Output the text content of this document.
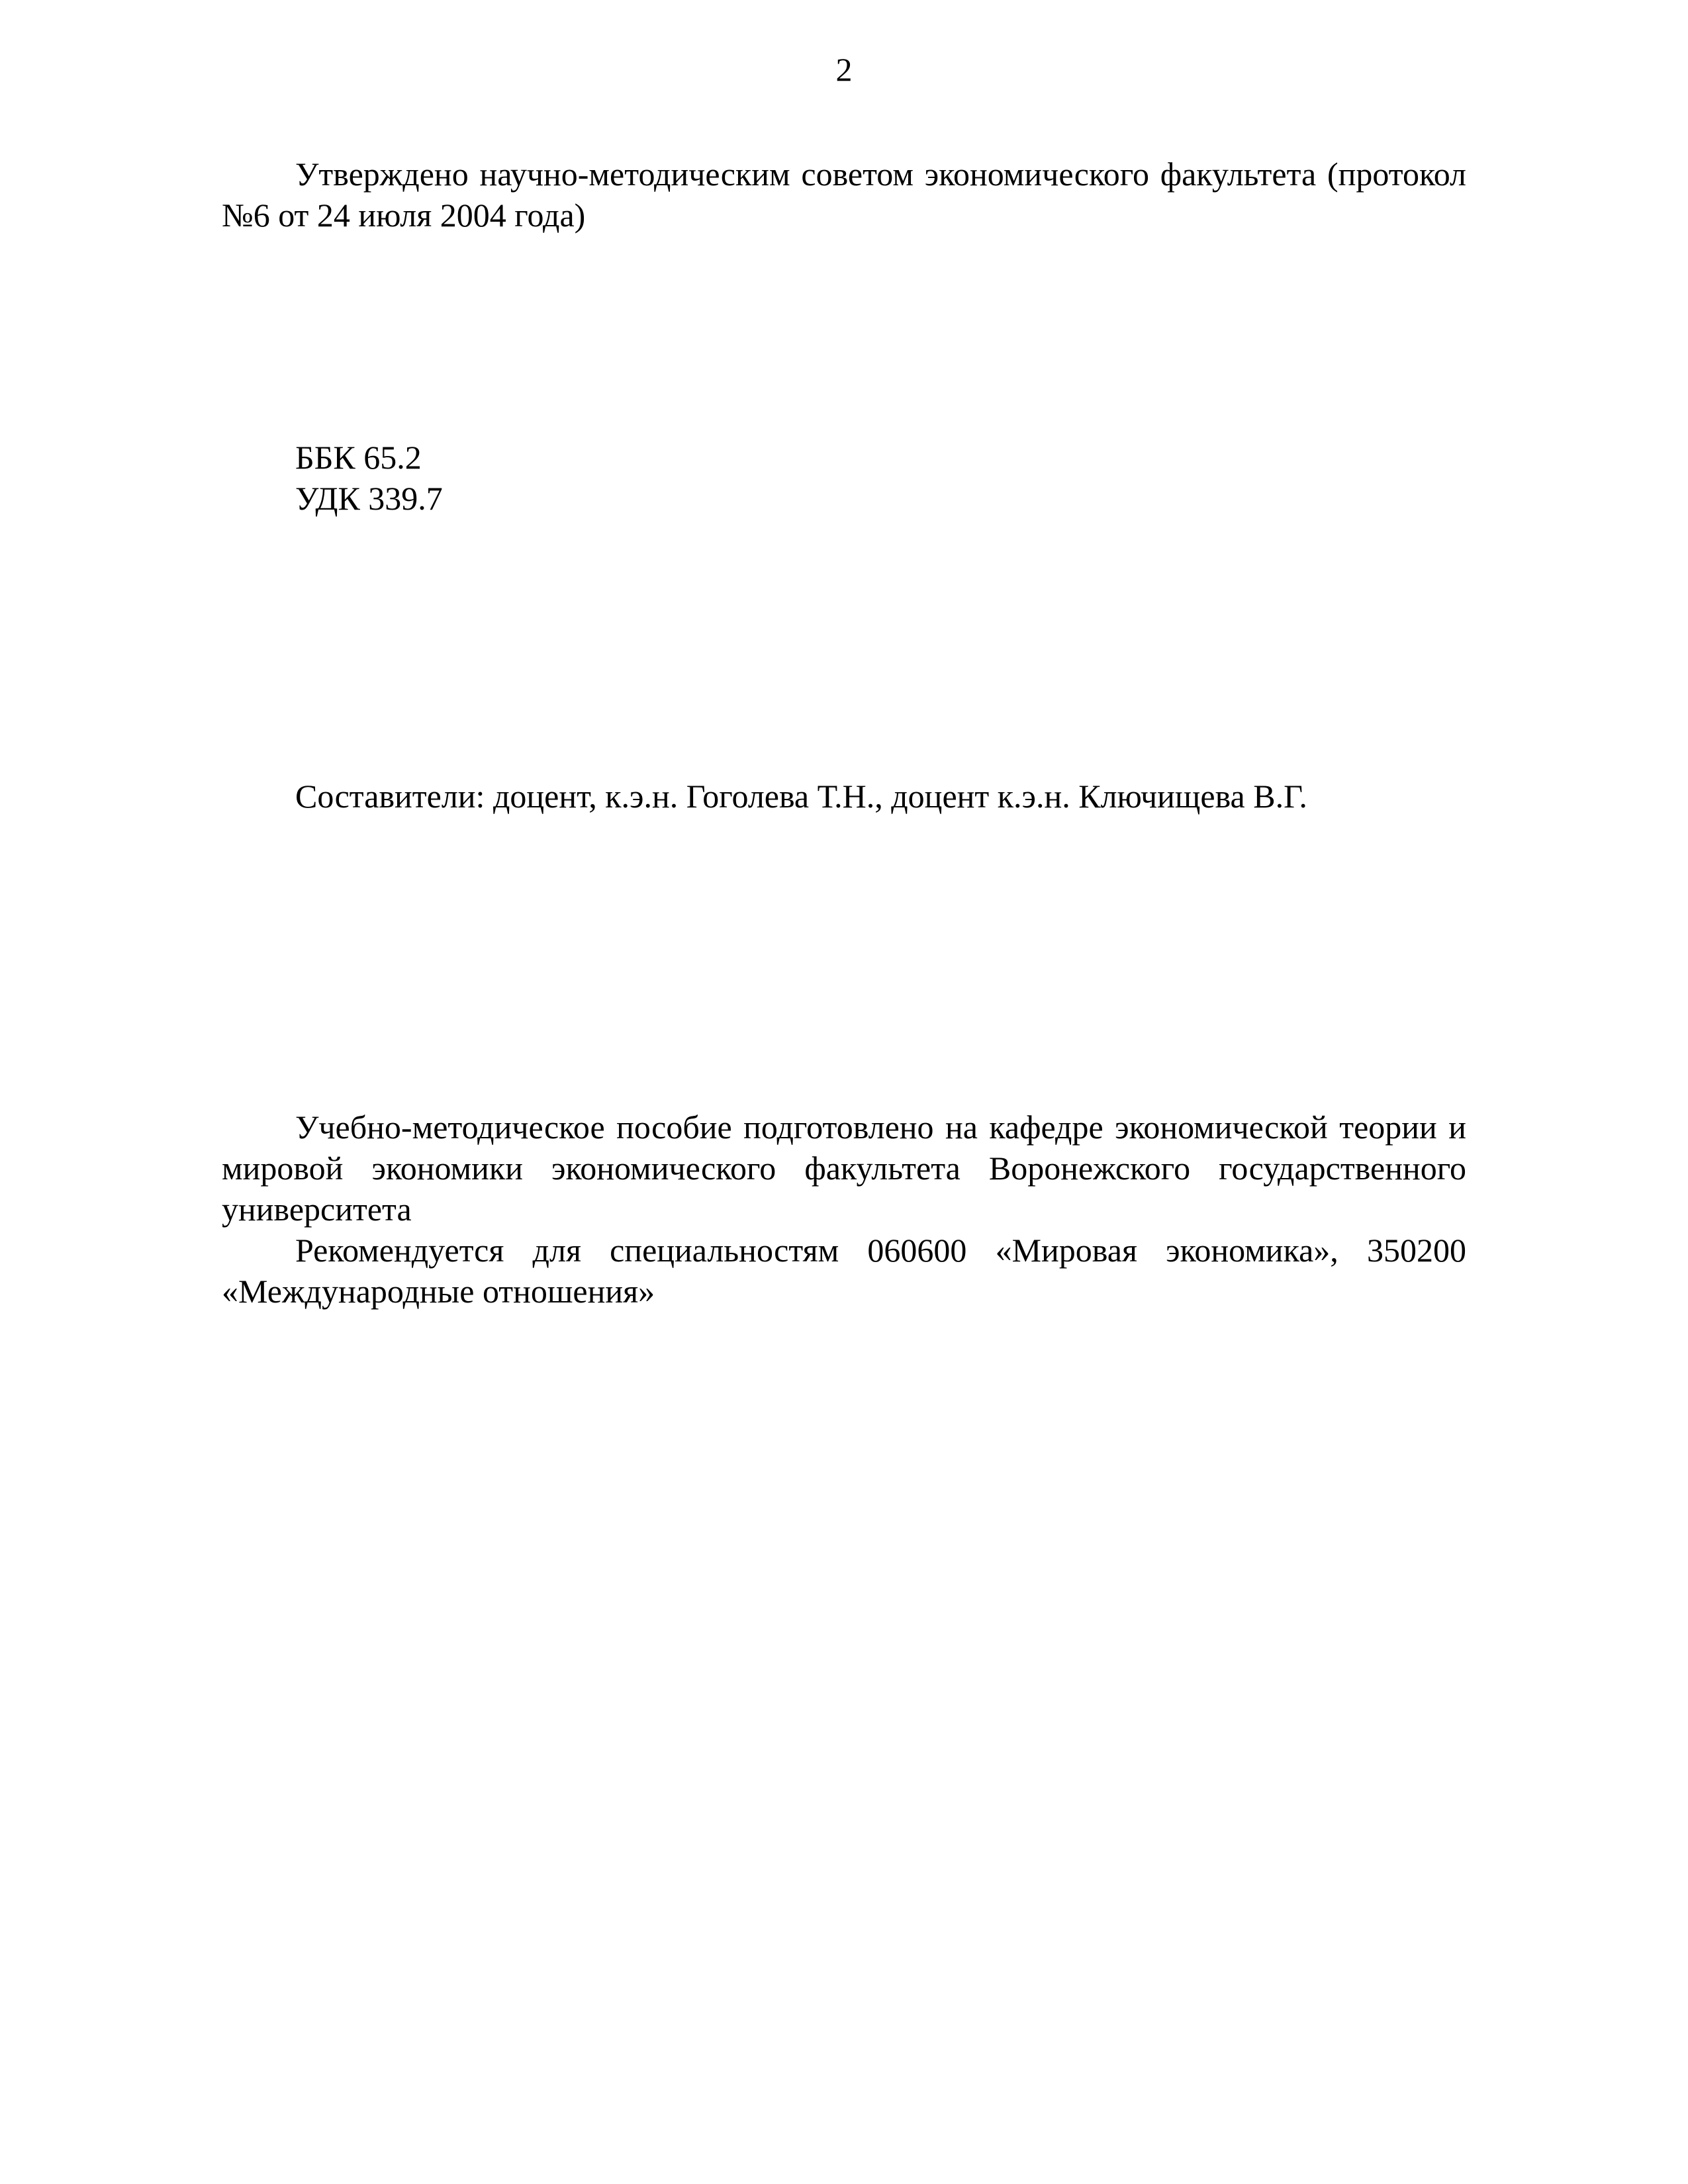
2

Утверждено научно-методическим советом экономического факультета (протокол №6 от 24 июля 2004 года)

ББК 65.2

УДК 339.7

Составители: доцент, к.э.н. Гоголева Т.Н., доцент к.э.н. Ключищева В.Г.

Учебно-методическое пособие подготовлено на кафедре экономической теории и мировой экономики экономического факультета Воронежского государственного университета

Рекомендуется для специальностям 060600 «Мировая экономика», 350200 «Международные отношения»
